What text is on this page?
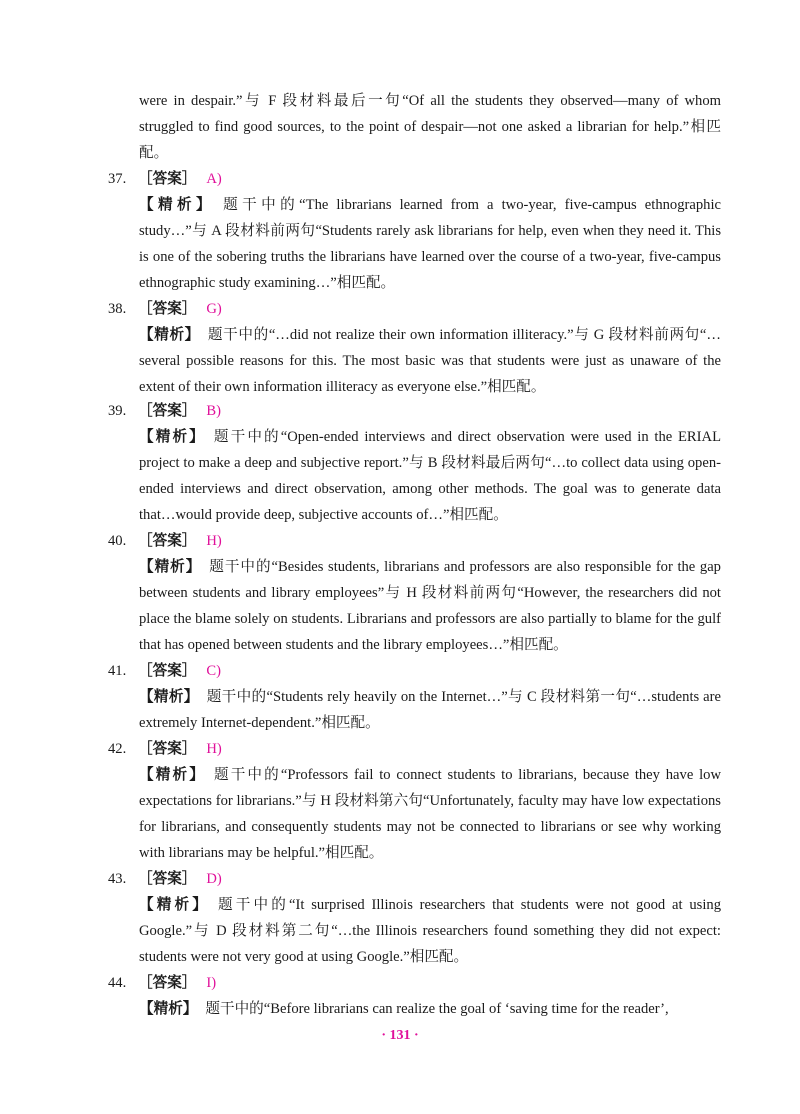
were in despair.”与 F 段材料最后一句“Of all the students they observed—many of whom struggled to find good sources, to the point of despair—not one asked a librarian for help.”相匹配。
37. ［答案］ A)
【精析】 题干中的“The librarians learned from a two-year, five-campus ethnographic study…”与 A 段材料前两句“Students rarely ask librarians for help, even when they need it. This is one of the sobering truths the librarians have learned over the course of a two-year, five-campus ethnographic study examining…”相匹配。
38. ［答案］ G)
【精析】 题干中的“…did not realize their own information illiteracy.”与 G 段材料前两句“…several possible reasons for this. The most basic was that students were just as unaware of the extent of their own information illiteracy as everyone else.”相匹配。
39. ［答案］ B)
【精析】 题干中的“Open-ended interviews and direct observation were used in the ERIAL project to make a deep and subjective report.”与 B 段材料最后两句“…to collect data using open-ended interviews and direct observation, among other methods. The goal was to generate data that…would provide deep, subjective accounts of…”相匹配。
40. ［答案］ H)
【精析】 题干中的“Besides students, librarians and professors are also responsible for the gap between students and library employees”与 H 段材料前两句“However, the researchers did not place the blame solely on students. Librarians and professors are also partially to blame for the gulf that has opened between students and the library employees…”相匹配。
41. ［答案］ C)
【精析】 题干中的“Students rely heavily on the Internet…”与 C 段材料第一句“…students are extremely Internet-dependent.”相匹配。
42. ［答案］ H)
【精析】 题干中的“Professors fail to connect students to librarians, because they have low expectations for librarians.”与 H 段材料第六句“Unfortunately, faculty may have low expectations for librarians, and consequently students may not be connected to librarians or see why working with librarians may be helpful.”相匹配。
43. ［答案］ D)
【精析】 题干中的“It surprised Illinois researchers that students were not good at using Google.”与 D 段材料第二句“…the Illinois researchers found something they did not expect: students were not very good at using Google.”相匹配。
44. ［答案］ I)
【精析】 题干中的“Before librarians can realize the goal of ‘saving time for the reader’,
· 131 ·
